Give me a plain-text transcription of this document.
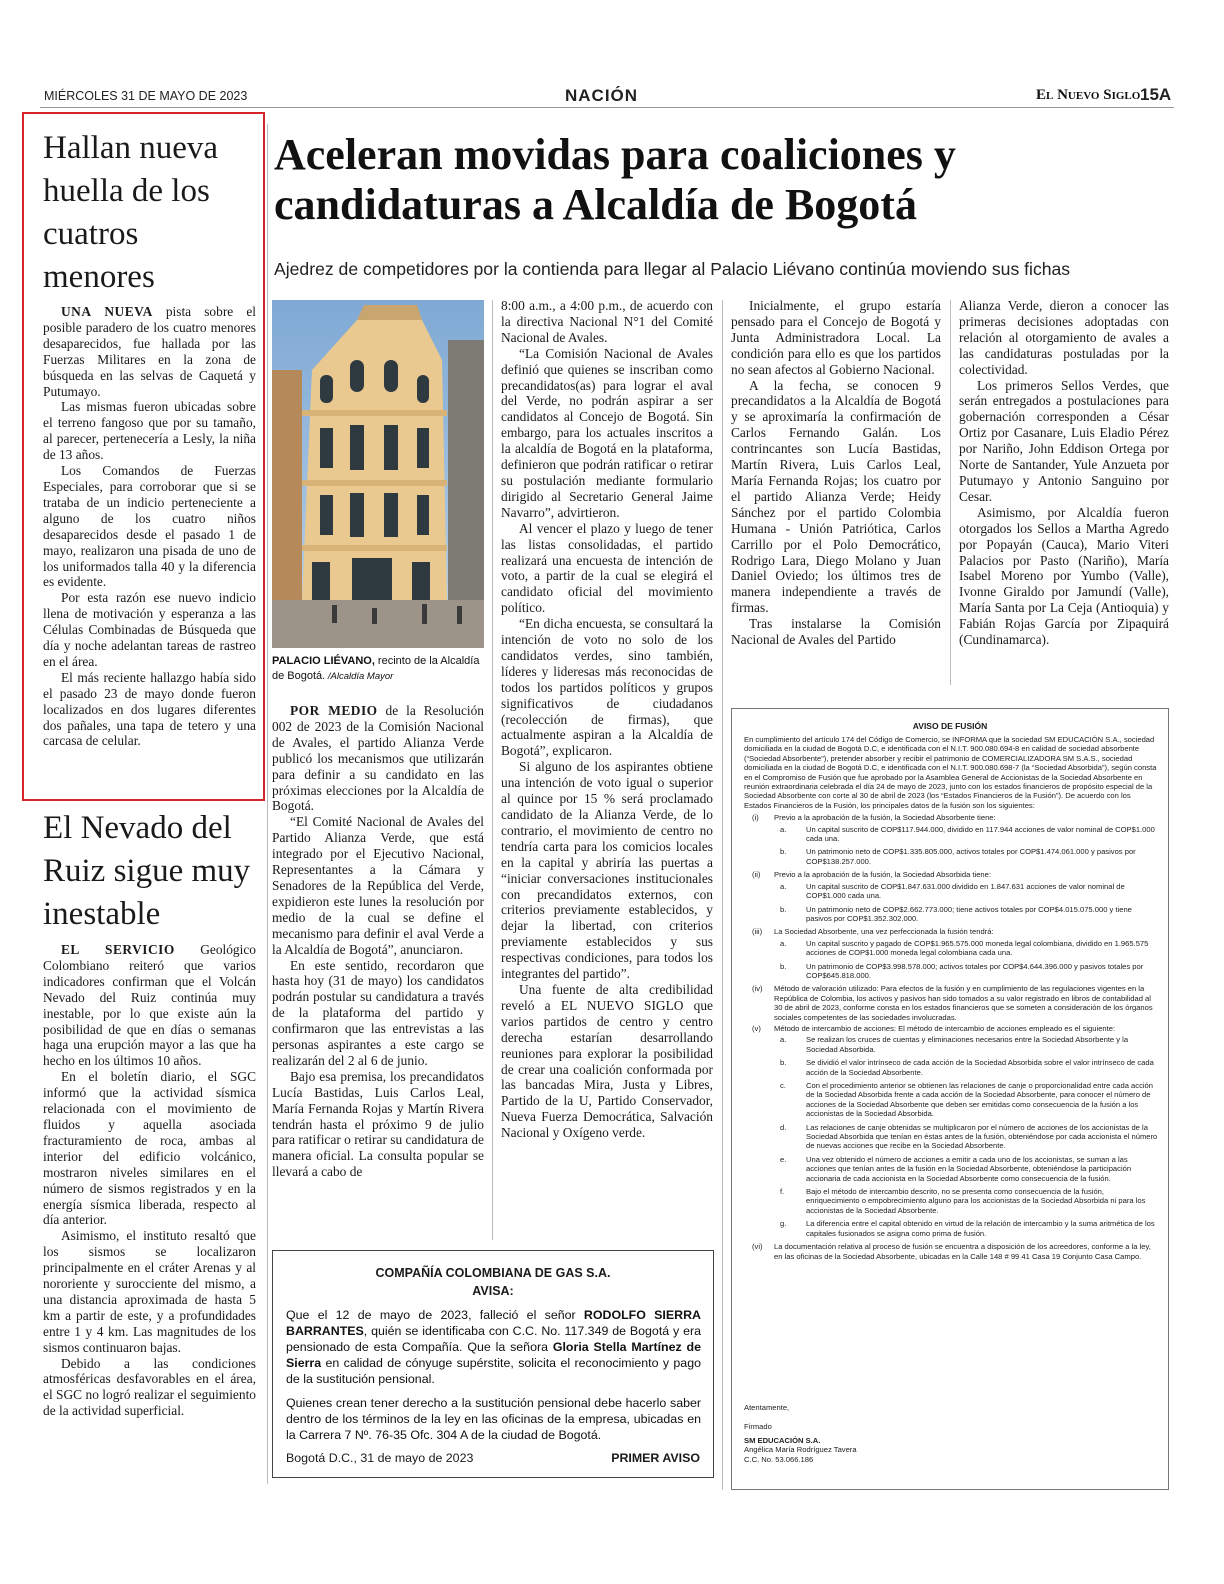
MIÉRCOLES 31 DE MAYO DE 2023	NACIÓN	El Nuevo Siglo 15A
Hallan nueva huella de los cuatros menores

UNA NUEVA pista sobre el posible paradero de los cuatro menores desaparecidos, fue hallada por las Fuerzas Militares en la zona de búsqueda en las selvas de Caquetá y Putumayo.

Las mismas fueron ubicadas sobre el terreno fangoso que por su tamaño, al parecer, pertenecería a Lesly, la niña de 13 años.

Los Comandos de Fuerzas Especiales, para corroborar que si se trataba de un indicio perteneciente a alguno de los cuatro niños desaparecidos desde el pasado 1 de mayo, realizaron una pisada de uno de los uniformados talla 40 y la diferencia es evidente.

Por esta razón ese nuevo indicio llena de motivación y esperanza a las Células Combinadas de Búsqueda que día y noche adelantan tareas de rastreo en el área.

El más reciente hallazgo había sido el pasado 23 de mayo donde fueron localizados en dos lugares diferentes dos pañales, una tapa de tetero y una carcasa de celular.

El Nevado del Ruiz sigue muy inestable

EL SERVICIO Geológico Colombiano reiteró que varios indicadores confirman que el Volcán Nevado del Ruiz continúa muy inestable, por lo que existe aún la posibilidad de que en días o semanas haga una erupción mayor a las que ha hecho en los últimos 10 años.

En el boletín diario, el SGC informó que la actividad sísmica relacionada con el movimiento de fluidos y aquella asociada fracturamiento de roca, ambas al interior del edificio volcánico, mostraron niveles similares en el número de sismos registrados y en la energía sísmica liberada, respecto al día anterior.

Asimismo, el instituto resaltó que los sismos se localizaron principalmente en el cráter Arenas y al nororiente y surocciente del mismo, a una distancia aproximada de hasta 5 km a partir de este, y a profundidades entre 1 y 4 km. Las magnitudes de los sismos continuaron bajas.

Debido a las condiciones atmosféricas desfavorables en el área, el SGC no logró realizar el seguimiento de la actividad superficial.

Aceleran movidas para coaliciones y candidaturas a Alcaldía de Bogotá
Ajedrez de competidores por la contienda para llegar al Palacio Liévano continúa moviendo sus fichas
PALACIO LIÉVANO, recinto de la Alcaldía de Bogotá. /Alcaldía Mayor

POR MEDIO de la Resolución 002 de 2023 de la Comisión Nacional de Avales, el partido Alianza Verde publicó los mecanismos que utilizarán para definir a su candidato en las próximas elecciones por la Alcaldía de Bogotá.

“El Comité Nacional de Avales del Partido Alianza Verde, que está integrado por el Ejecutivo Nacional, Representantes a la Cámara y Senadores de la República del Verde, expidieron este lunes la resolución por medio de la cual se define el mecanismo para definir el aval Verde a la Alcaldía de Bogotá”, anunciaron.

En este sentido, recordaron que hasta hoy (31 de mayo) los candidatos podrán postular su candidatura a través de la plataforma del partido y confirmaron que las entrevistas a las personas aspirantes a este cargo se realizarán del 2 al 6 de junio.

Bajo esa premisa, los precandidatos Lucía Bastidas, Luis Carlos Leal, María Fernanda Rojas y Martín Rivera tendrán hasta el próximo 9 de julio para ratificar o retirar su candidatura de manera oficial. La consulta popular se llevará a cabo de

8:00 a.m., a 4:00 p.m., de acuerdo con la directiva Nacional N°1 del Comité Nacional de Avales.

“La Comisión Nacional de Avales definió que quienes se inscriban como precandidatos(as) para lograr el aval del Verde, no podrán aspirar a ser candidatos al Concejo de Bogotá. Sin embargo, para los actuales inscritos a la alcaldía de Bogotá en la plataforma, definieron que podrán ratificar o retirar su postulación mediante formulario dirigido al Secretario General Jaime Navarro”, advirtieron.

Al vencer el plazo y luego de tener las listas consolidadas, el partido realizará una encuesta de intención de voto, a partir de la cual se elegirá el candidato oficial del movimiento político.

“En dicha encuesta, se consultará la intención de voto no solo de los candidatos verdes, sino también, líderes y lideresas más reconocidas de todos los partidos políticos y grupos significativos de ciudadanos (recolección de firmas), que actualmente aspiran a la Alcaldía de Bogotá”, explicaron.

Si alguno de los aspirantes obtiene una intención de voto igual o superior al quince por 15 % será proclamado candidato de la Alianza Verde, de lo contrario, el movimiento de centro no tendría carta para los comicios locales en la capital y abriría las puertas a “iniciar conversaciones institucionales con precandidatos externos, con criterios previamente establecidos, y dejar la libertad, con criterios previamente establecidos y sus respectivas condiciones, para todos los integrantes del partido”.

Una fuente de alta credibilidad reveló a EL NUEVO SIGLO que varios partidos de centro y centro derecha estarían desarrollando reuniones para explorar la posibilidad de crear una coalición conformada por las bancadas Mira, Justa y Libres, Partido de la U, Partido Conservador, Nueva Fuerza Democrática, Salvación Nacional y Oxígeno verde.

Inicialmente, el grupo estaría pensado para el Concejo de Bogotá y Junta Administradora Local. La condición para ello es que los partidos no sean afectos al Gobierno Nacional.

A la fecha, se conocen 9 precandidatos a la Alcaldía de Bogotá y se aproximaría la confirmación de Carlos Fernando Galán. Los contrincantes son Lucía Bastidas, Martín Rivera, Luis Carlos Leal, María Fernanda Rojas; los cuatro por el partido Alianza Verde; Heidy Sánchez por el partido Colombia Humana - Unión Patriótica, Carlos Carrillo por el Polo Democrático, Rodrigo Lara, Diego Molano y Juan Daniel Oviedo; los últimos tres de manera independiente a través de firmas.

Tras instalarse la Comisión Nacional de Avales del Partido

Alianza Verde, dieron a conocer las primeras decisiones adoptadas con relación al otorgamiento de avales a las candidaturas postuladas por la colectividad.

Los primeros Sellos Verdes, que serán entregados a postulaciones para gobernación corresponden a César Ortiz por Casanare, Luis Eladio Pérez por Nariño, John Eddison Ortega por Norte de Santander, Yule Anzueta por Putumayo y Antonio Sanguino por Cesar.

Asimismo, por Alcaldía fueron otorgados los Sellos a Martha Agredo por Popayán (Cauca), Mario Viteri Palacios por Pasto (Nariño), María Isabel Moreno por Yumbo (Valle), Ivonne Giraldo por Jamundí (Valle), María Santa por La Ceja (Antioquia) y Fabián Rojas García por Zipaquirá (Cundinamarca).

COMPAÑÍA COLOMBIANA DE GAS S.A.
AVISA:

Que el 12 de mayo de 2023, falleció el señor RODOLFO SIERRA BARRANTES, quién se identificaba con C.C. No. 117.349 de Bogotá y era pensionado de esta Compañía. Que la señora Gloria Stella Martínez de Sierra en calidad de cónyuge supérstite, solicita el reconocimiento y pago de la sustitución pensional.

Quienes crean tener derecho a la sustitución pensional debe hacerlo saber dentro de los términos de la ley en las oficinas de la empresa, ubicadas en la Carrera 7 Nº. 76-35 Ofc. 304 A de la ciudad de Bogotá.

Bogotá D.C., 31 de mayo de 2023	PRIMER AVISO
AVISO DE FUSIÓN

En cumplimiento del artículo 174 del Código de Comercio, se INFORMA que la sociedad SM EDUCACIÓN S.A., sociedad domiciliada en la ciudad de Bogotá D.C, e identificada con el N.I.T. 900.080.694-8 en calidad de sociedad absorbente (“Sociedad Absorbente”), pretender absorber y recibir el patrimonio de COMERCIALIZADORA SM S.A.S., sociedad domiciliada en la ciudad de Bogotá D.C, e identificada con el N.I.T. 900.080.698-7 (la “Sociedad Absorbida”), según consta en el Compromiso de Fusión que fue aprobado por la Asamblea General de Accionistas de la Sociedad Absorbente en reunión extraordinaria celebrada el día 24 de mayo de 2023, junto con los estados financieros de propósito especial de la Sociedad Absorbente con corte al 30 de abril de 2023 (los “Estados Financieros de la Fusión”). De acuerdo con los Estados Financieros de la Fusión, los principales datos de la fusión son los siguientes:

(i)	Previo a la aprobación de la fusión, la Sociedad Absorbente tiene:
a.	Un capital suscrito de COP$117.944.000, dividido en 117.944 acciones de valor nominal de COP$1.000 cada una.
b.	Un patrimonio neto de COP$1.335.805.000, activos totales por COP$1.474.061.000 y pasivos por COP$138.257.000.
(ii)	Previo a la aprobación de la fusión, la Sociedad Absorbida tiene:
a.	Un capital suscrito de COP$1.847.631.000 dividido en 1.847.631 acciones de valor nominal de COP$1.000 cada una.
b.	Un patrimonio neto de COP$2.662.773.000; tiene activos totales por COP$4.015.075.000 y tiene pasivos por COP$1.352.302.000.
(iii)	La Sociedad Absorbente, una vez perfeccionada la fusión tendrá:
a.	Un capital suscrito y pagado de COP$1.965.575.000 moneda legal colombiana, dividido en 1.965.575 acciones de COP$1.000 moneda legal colombiana cada una.
b.	Un patrimonio de COP$3.998.578.000; activos totales por COP$4.644.396.000 y pasivos totales por COP$645.818.000.
(iv)	Método de valoración utilizado: Para efectos de la fusión y en cumplimiento de las regulaciones vigentes en la República de Colombia, los activos y pasivos han sido tomados a su valor registrado en libros de contabilidad al 30 de abril de 2023, conforme consta en los estados financieros que se someten a consideración de los órganos sociales competentes de las sociedades involucradas.
(v)	Método de intercambio de acciones: El método de intercambio de acciones empleado es el siguiente:
a.	Se realizan los cruces de cuentas y eliminaciones necesarios entre la Sociedad Absorbente y la Sociedad Absorbida.
b.	Se dividió el valor intrínseco de cada acción de la Sociedad Absorbida sobre el valor intrínseco de cada acción de la Sociedad Absorbente.
c.	Con el procedimiento anterior se obtienen las relaciones de canje o proporcionalidad entre cada acción de la Sociedad Absorbida frente a cada acción de la Sociedad Absorbente, para conocer el número de acciones de la Sociedad Absorbente que deben ser emitidas como consecuencia de la fusión a los accionistas de la Sociedad Absorbida.
d.	Las relaciones de canje obtenidas se multiplicaron por el número de acciones de los accionistas de la Sociedad Absorbida que tenían en éstas antes de la fusión, obteniéndose por cada accionista el número de nuevas acciones que recibe en la Sociedad Absorbente.
e.	Una vez obtenido el número de acciones a emitir a cada uno de los accionistas, se suman a las acciones que tenían antes de la fusión en la Sociedad Absorbente, obteniéndose la participación accionaria de cada accionista en la Sociedad Absorbente como consecuencia de la fusión.
f.	Bajo el método de intercambio descrito, no se presenta como consecuencia de la fusión, enriquecimiento o empobrecimiento alguno para los accionistas de la Sociedad Absorbida ni para los accionistas de la Sociedad Absorbente.
g.	La diferencia entre el capital obtenido en virtud de la relación de intercambio y la suma aritmética de los capitales fusionados se asigna como prima de fusión.
(vi)	La documentación relativa al proceso de fusión se encuentra a disposición de los acreedores, conforme a la ley, en las oficinas de la Sociedad Absorbente, ubicadas en la Calle 148 # 99 41 Casa 19 Conjunto Casa Campo.
Atentamente,
Firmado
SM EDUCACIÓN S.A.
Angélica María Rodríguez Tavera
C.C. No. 53.066.186
